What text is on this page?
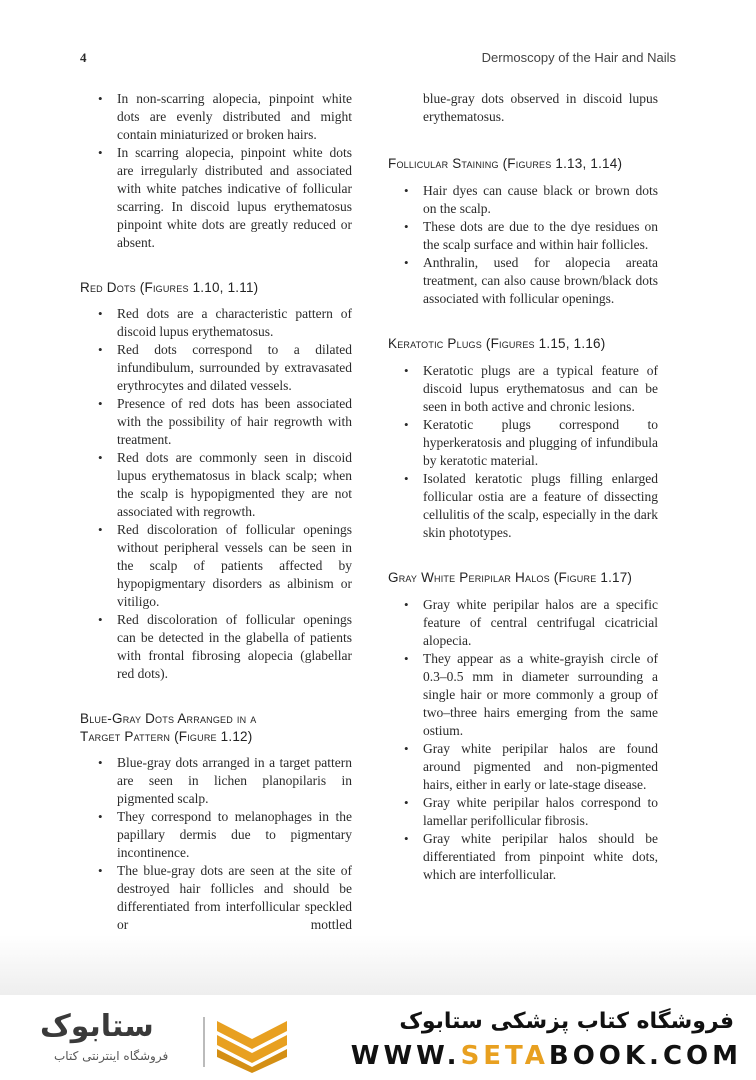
4	Dermoscopy of the Hair and Nails
• In non-scarring alopecia, pinpoint white dots are evenly distributed and might contain miniaturized or broken hairs.
• In scarring alopecia, pinpoint white dots are irregularly distributed and associated with white patches indicative of follicular scarring. In discoid lupus erythematosus pinpoint white dots are greatly reduced or absent.
Red Dots (Figures 1.10, 1.11)
• Red dots are a characteristic pattern of discoid lupus erythematosus.
• Red dots correspond to a dilated infundibulum, surrounded by extravasated erythrocytes and dilated vessels.
• Presence of red dots has been associated with the possibility of hair regrowth with treatment.
• Red dots are commonly seen in discoid lupus erythematosus in black scalp; when the scalp is hypopigmented they are not associated with regrowth.
• Red discoloration of follicular openings without peripheral vessels can be seen in the scalp of patients affected by hypopigmentary disorders as albinism or vitiligo.
• Red discoloration of follicular openings can be detected in the glabella of patients with frontal fibrosing alopecia (glabellar red dots).
Blue-Gray Dots Arranged in a
Target Pattern (Figure 1.12)
• Blue-gray dots arranged in a target pattern are seen in lichen planopilaris in pigmented scalp.
• They correspond to melanophages in the papillary dermis due to pigmentary incontinence.
• The blue-gray dots are seen at the site of destroyed hair follicles and should be differentiated from interfollicular speckled or mottled
blue-gray dots observed in discoid lupus erythematosus.
Follicular Staining (Figures 1.13, 1.14)
• Hair dyes can cause black or brown dots on the scalp.
• These dots are due to the dye residues on the scalp surface and within hair follicles.
• Anthralin, used for alopecia areata treatment, can also cause brown/black dots associated with follicular openings.
Keratotic Plugs (Figures 1.15, 1.16)
• Keratotic plugs are a typical feature of discoid lupus erythematosus and can be seen in both active and chronic lesions.
• Keratotic plugs correspond to hyperkeratosis and plugging of infundibula by keratotic material.
• Isolated keratotic plugs filling enlarged follicular ostia are a feature of dissecting cellulitis of the scalp, especially in the dark skin phototypes.
Gray White Peripilar Halos (Figure 1.17)
• Gray white peripilar halos are a specific feature of central centrifugal cicatricial alopecia.
• They appear as a white-grayish circle of 0.3–0.5 mm in diameter surrounding a single hair or more commonly a group of two–three hairs emerging from the same ostium.
• Gray white peripilar halos are found around pigmented and non-pigmented hairs, either in early or late-stage disease.
• Gray white peripilar halos correspond to lamellar perifollicular fibrosis.
• Gray white peripilar halos should be differentiated from pinpoint white dots, which are interfollicular.
ستابوک
فروشگاه اینترنتی کتاب
فروشگاه کتاب پزشکی ستابوک
WWW.SETABOOK.COM
